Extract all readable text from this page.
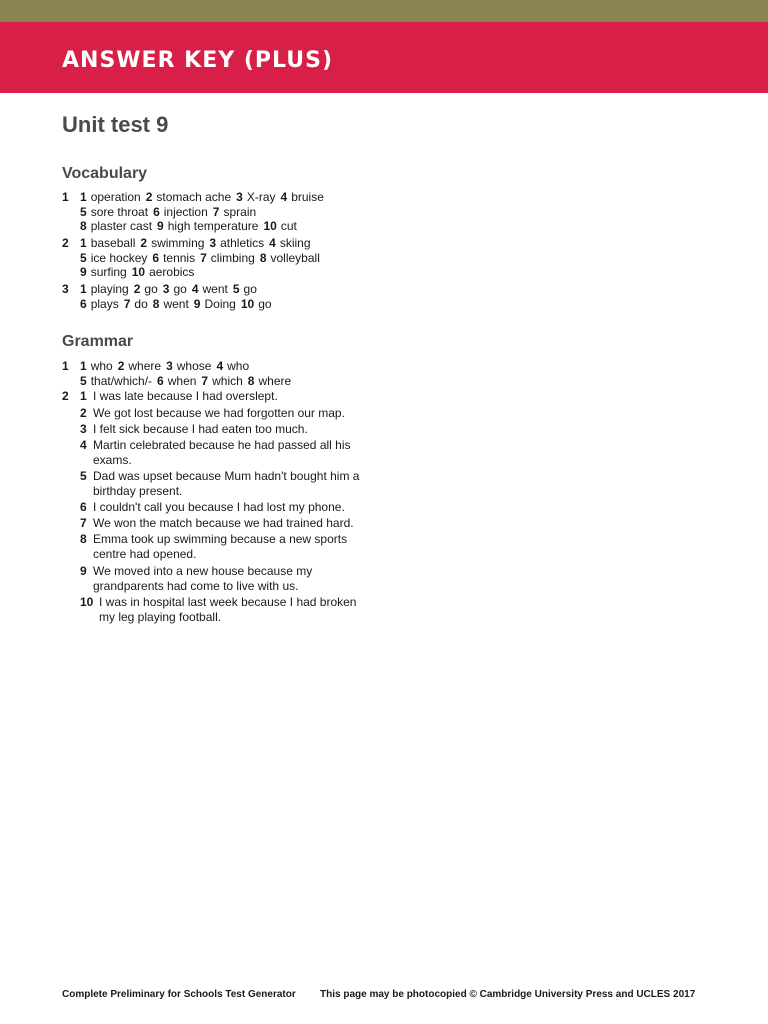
ANSWER KEY (PLUS)
Unit test 9
Vocabulary
1 1 operation 2 stomach ache 3 X-ray 4 bruise
5 sore throat 6 injection 7 sprain
8 plaster cast 9 high temperature 10 cut
2 1 baseball 2 swimming 3 athletics 4 skiing
5 ice hockey 6 tennis 7 climbing 8 volleyball
9 surfing 10 aerobics
3 1 playing 2 go 3 go 4 went 5 go
6 plays 7 do 8 went 9 Doing 10 go
Grammar
1 1 who 2 where 3 whose 4 who
5 that/which/- 6 when 7 which 8 where
2 1 I was late because I had overslept.
2 We got lost because we had forgotten our map.
3 I felt sick because I had eaten too much.
4 Martin celebrated because he had passed all his exams.
5 Dad was upset because Mum hadn't bought him a birthday present.
6 I couldn't call you because I had lost my phone.
7 We won the match because we had trained hard.
8 Emma took up swimming because a new sports centre had opened.
9 We moved into a new house because my grandparents had come to live with us.
10 I was in hospital last week because I had broken my leg playing football.
Complete Preliminary for Schools Test Generator This page may be photocopied © Cambridge University Press and UCLES 2017
